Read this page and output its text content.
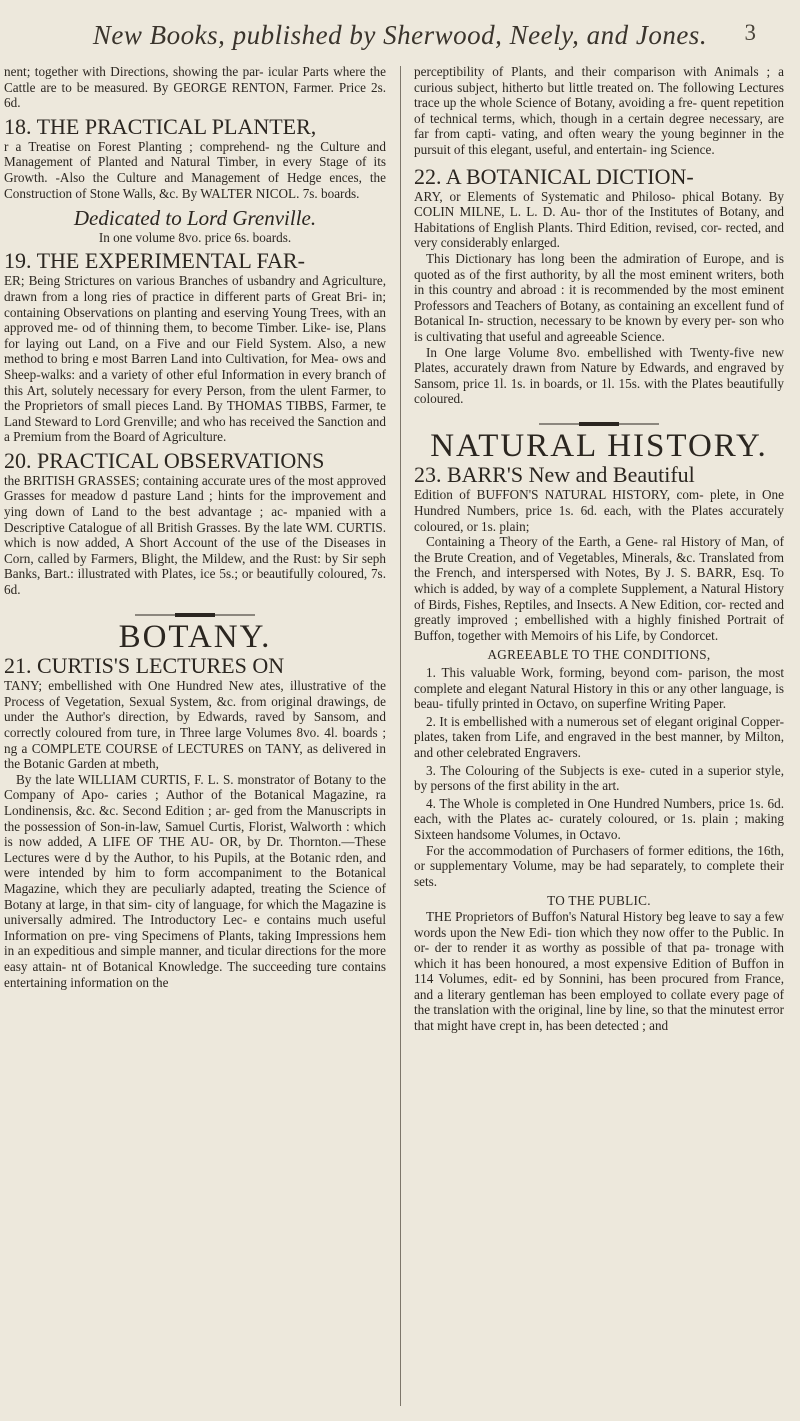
New Books, published by Sherwood, Neely, and Jones.	3

nent; together with Directions, showing the par- icular Parts where the Cattle are to be measured. By GEORGE RENTON, Farmer. Price 2s. 6d.

18. THE PRACTICAL PLANTER,

r a Treatise on Forest Planting ; comprehend- ng the Culture and Management of Planted and Natural Timber, in every Stage of its Growth. -Also the Culture and Management of Hedge ences, the Construction of Stone Walls, &c. By WALTER NICOL. 7s. boards.

Dedicated to Lord Grenville.

In one volume 8vo. price 6s. boards.

19. THE EXPERIMENTAL FAR-

ER; Being Strictures on various Branches of usbandry and Agriculture, drawn from a long ries of practice in different parts of Great Bri- in; containing Observations on planting and eserving Young Trees, with an approved me- od of thinning them, to become Timber. Like- ise, Plans for laying out Land, on a Five and our Field System. Also, a new method to bring e most Barren Land into Cultivation, for Mea- ows and Sheep-walks: and a variety of other eful Information in every branch of this Art, solutely necessary for every Person, from the ulent Farmer, to the Proprietors of small pieces Land. By THOMAS TIBBS, Farmer, te Land Steward to Lord Grenville; and who has received the Sanction and a Premium from the Board of Agriculture.

20. PRACTICAL OBSERVATIONS

the BRITISH GRASSES; containing accurate ures of the most approved Grasses for meadow d pasture Land ; hints for the improvement and ying down of Land to the best advantage ; ac- mpanied with a Descriptive Catalogue of all British Grasses. By the late WM. CURTIS. which is now added, A Short Account of the use of the Diseases in Corn, called by Farmers, Blight, the Mildew, and the Rust: by Sir seph Banks, Bart.: illustrated with Plates, ice 5s.; or beautifully coloured, 7s. 6d.

BOTANY.

21. CURTIS'S LECTURES ON

TANY; embellished with One Hundred New ates, illustrative of the Process of Vegetation, Sexual System, &c. from original drawings, de under the Author's direction, by Edwards, raved by Sansom, and correctly coloured from ture, in Three large Volumes 8vo. 4l. boards ; ng a COMPLETE COURSE of LECTURES on TANY, as delivered in the Botanic Garden at mbeth,

By the late WILLIAM CURTIS, F. L. S. monstrator of Botany to the Company of Apo- caries ; Author of the Botanical Magazine, ra Londinensis, &c. &c. Second Edition ; ar- ged from the Manuscripts in the possession of Son-in-law, Samuel Curtis, Florist, Walworth : which is now added, A LIFE OF THE AU- OR, by Dr. Thornton.—These Lectures were d by the Author, to his Pupils, at the Botanic rden, and were intended by him to form accompaniment to the Botanical Magazine, which they are peculiarly adapted, treating the Science of Botany at large, in that sim- city of language, for which the Magazine is universally admired. The Introductory Lec- e contains much useful Information on pre- ving Specimens of Plants, taking Impressions hem in an expeditious and simple manner, and ticular directions for the more easy attain- nt of Botanical Knowledge. The succeeding ture contains entertaining information on the

perceptibility of Plants, and their comparison with Animals ; a curious subject, hitherto but little treated on. The following Lectures trace up the whole Science of Botany, avoiding a fre- quent repetition of technical terms, which, though in a certain degree necessary, are far from capti- vating, and often weary the young beginner in the pursuit of this elegant, useful, and entertain- ing Science.

22. A BOTANICAL DICTION-

ARY, or Elements of Systematic and Philoso- phical Botany. By COLIN MILNE, L. L. D. Au- thor of the Institutes of Botany, and Habitations of English Plants. Third Edition, revised, cor- rected, and very considerably enlarged.

This Dictionary has long been the admiration of Europe, and is quoted as of the first authority, by all the most eminent writers, both in this country and abroad : it is recommended by the most eminent Professors and Teachers of Botany, as containing an excellent fund of Botanical In- struction, necessary to be known by every per- son who is cultivating that useful and agreeable Science.

In One large Volume 8vo. embellished with Twenty-five new Plates, accurately drawn from Nature by Edwards, and engraved by Sansom, price 1l. 1s. in boards, or 1l. 15s. with the Plates beautifully coloured.

NATURAL HISTORY.

23. BARR'S New and Beautiful

Edition of BUFFON'S NATURAL HISTORY, com- plete, in One Hundred Numbers, price 1s. 6d. each, with the Plates accurately coloured, or 1s. plain;

Containing a Theory of the Earth, a Gene- ral History of Man, of the Brute Creation, and of Vegetables, Minerals, &c. Translated from the French, and interspersed with Notes, By J. S. BARR, Esq. To which is added, by way of a complete Supplement, a Natural History of Birds, Fishes, Reptiles, and Insects. A New Edition, cor- rected and greatly improved ; embellished with a highly finished Portrait of Buffon, together with Memoirs of his Life, by Condorcet.

AGREEABLE TO THE CONDITIONS,

1. This valuable Work, forming, beyond com- parison, the most complete and elegant Natural History in this or any other language, is beau- tifully printed in Octavo, on superfine Writing Paper.

2. It is embellished with a numerous set of elegant original Copper-plates, taken from Life, and engraved in the best manner, by Milton, and other celebrated Engravers.

3. The Colouring of the Subjects is exe- cuted in a superior style, by persons of the first ability in the art.

4. The Whole is completed in One Hundred Numbers, price 1s. 6d. each, with the Plates ac- curately coloured, or 1s. plain ; making Sixteen handsome Volumes, in Octavo.

For the accommodation of Purchasers of former editions, the 16th, or supplementary Volume, may be had separately, to complete their sets.

TO THE PUBLIC.

THE Proprietors of Buffon's Natural History beg leave to say a few words upon the New Edi- tion which they now offer to the Public. In or- der to render it as worthy as possible of that pa- tronage with which it has been honoured, a most expensive Edition of Buffon in 114 Volumes, edit- ed by Sonnini, has been procured from France, and a literary gentleman has been employed to collate every page of the translation with the original, line by line, so that the minutest error that might have crept in, has been detected ; and
